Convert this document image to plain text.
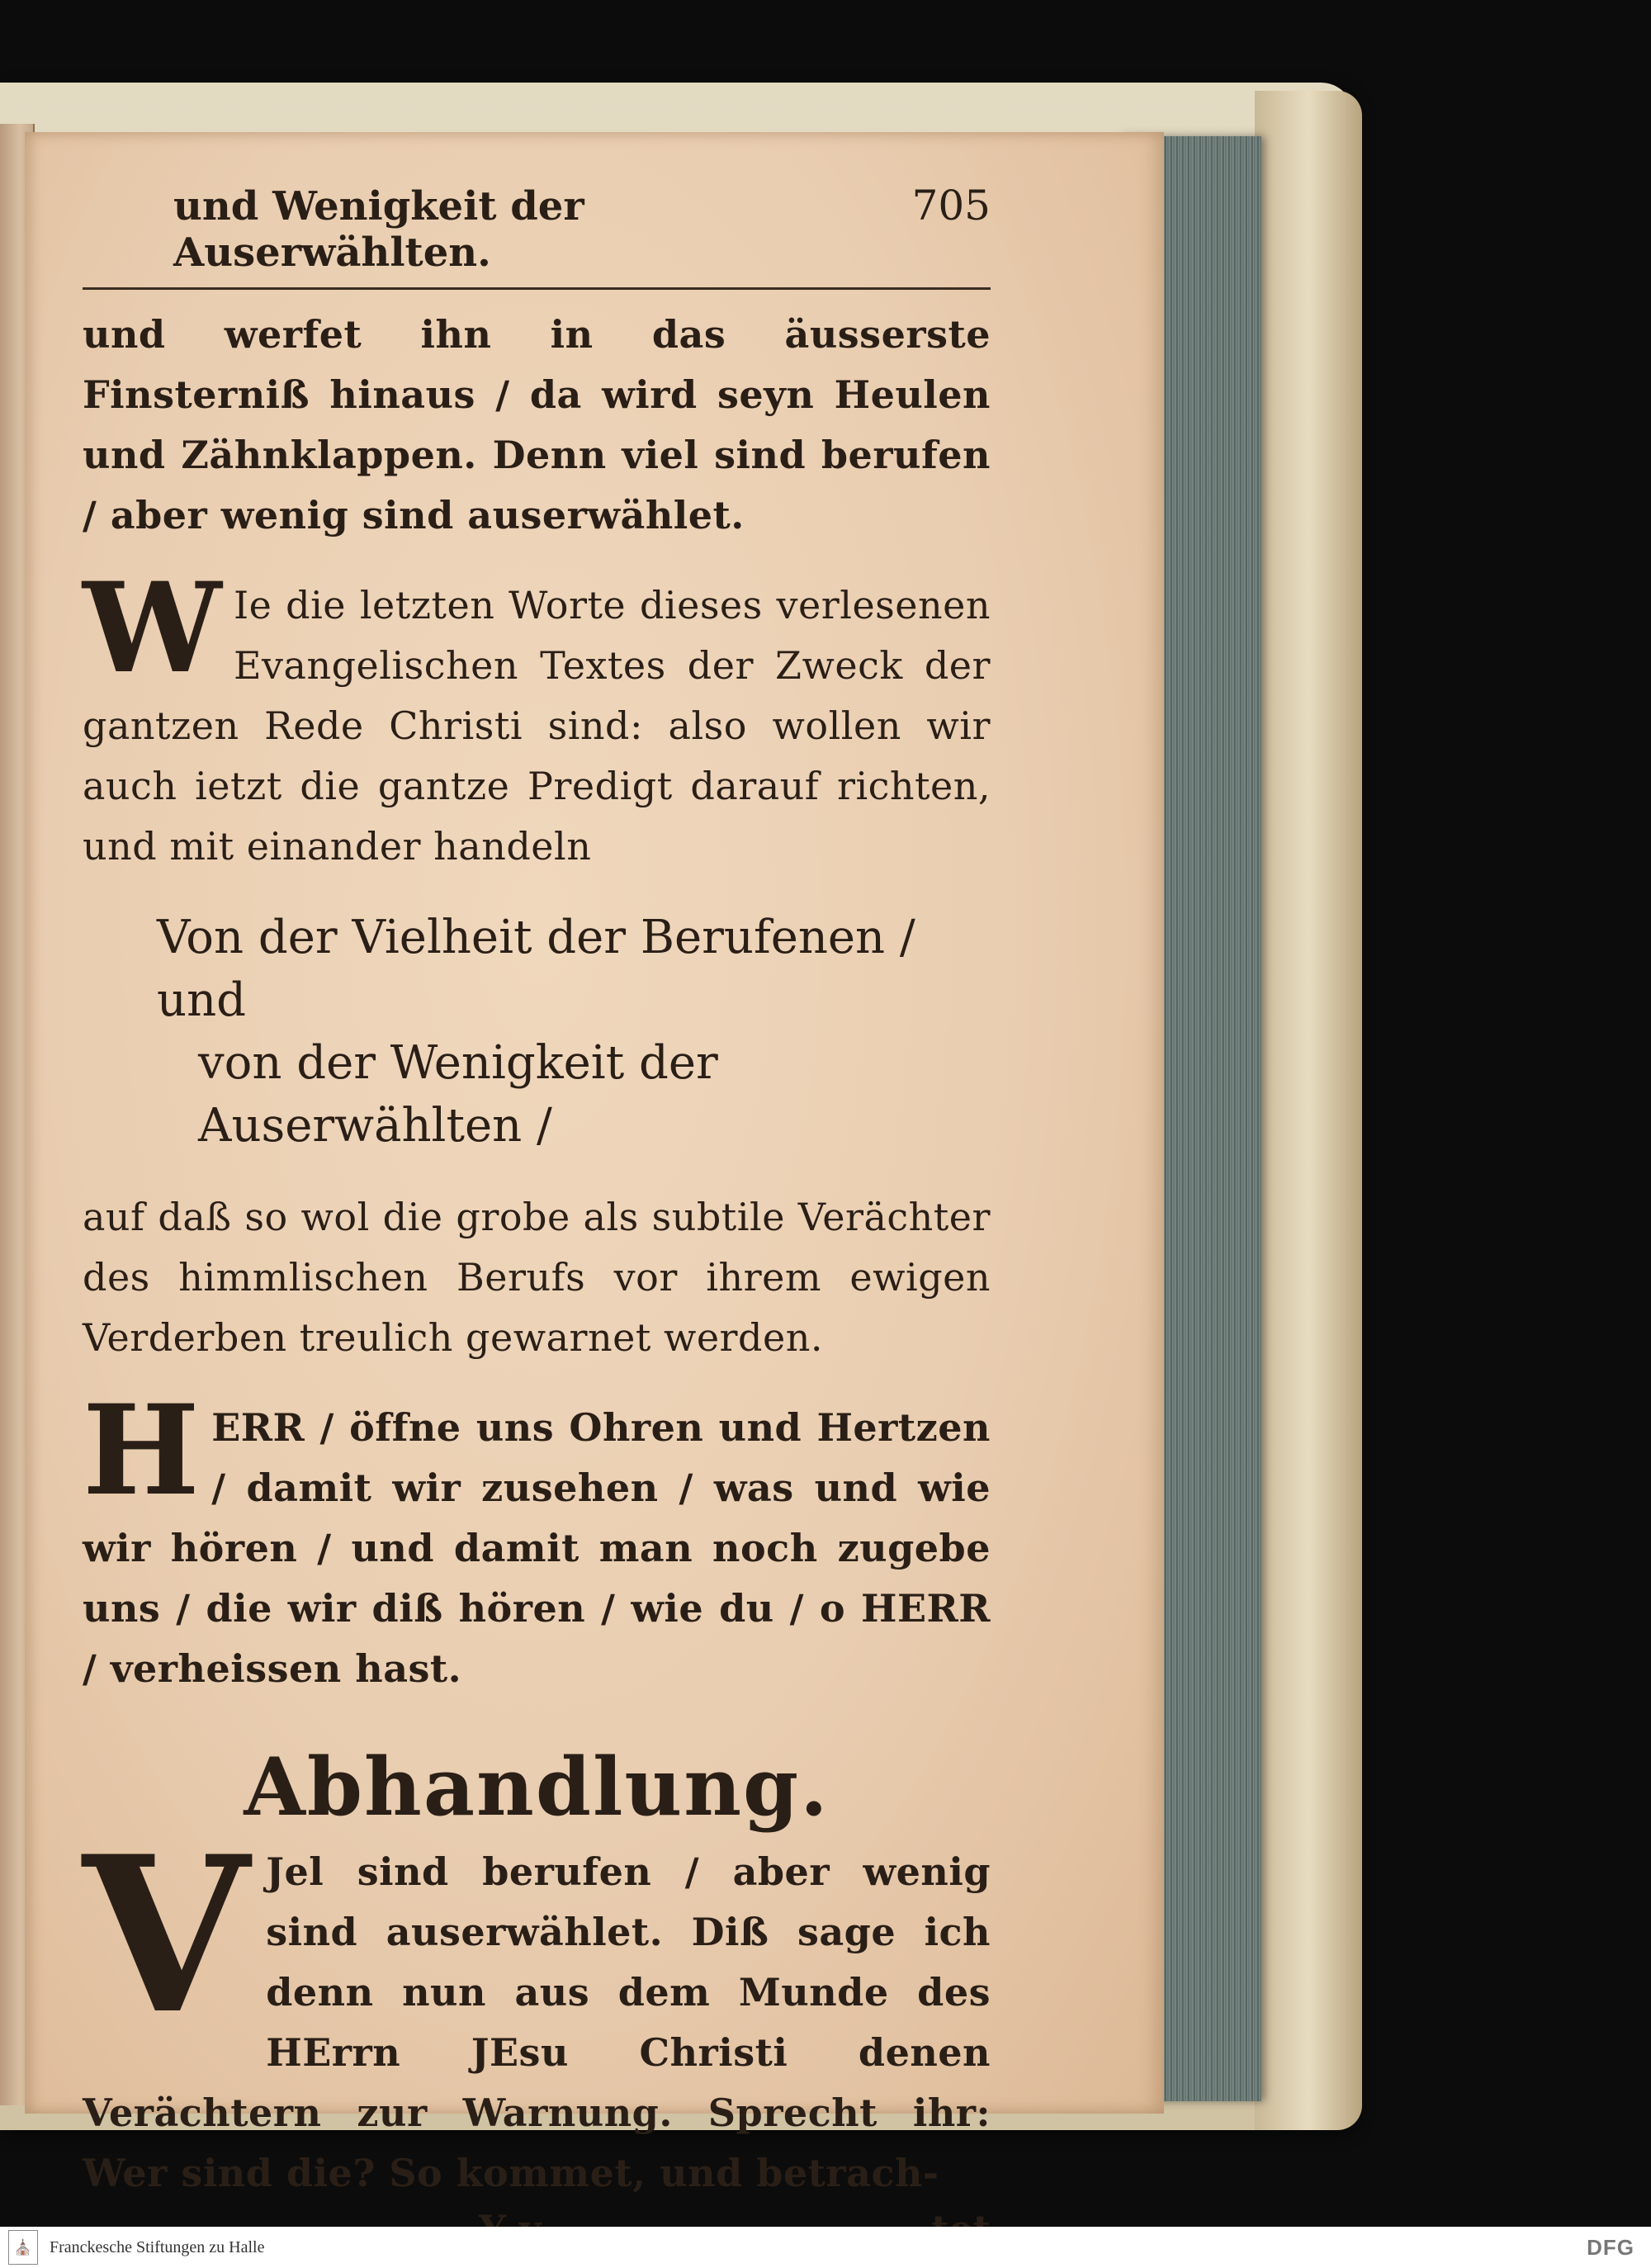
und Wenigkeit der Auserwählten.
705

und werfet ihn in das äusserste Finsterniß hinaus / da wird seyn Heulen und Zähnklappen. Denn viel sind berufen / aber wenig sind auserwählet.

W Ie die letzten Worte dieses verlesenen Evangelischen Textes der Zweck der gantzen Rede Christi sind: also wollen wir auch ietzt die gantze Predigt darauf richten, und mit einander handeln

Von der Vielheit der Berufenen / und
von der Wenigkeit der Auserwählten /

auf daß so wol die grobe als subtile Verächter des himmlischen Berufs vor ihrem ewigen Verderben treulich gewarnet werden.

H ERR / öffne uns Ohren und Hertzen / damit wir zusehen / was und wie wir hören / und damit man noch zugebe uns / die wir diß hören / wie du / o HERR / verheissen hast.

Abhandlung.

V Jel sind berufen / aber wenig sind auserwählet. Diß sage ich denn nun aus dem Munde des HErrn JEsu Christi denen Verächtern zur Warnung. Sprecht ihr: Wer sind die? So kommet, und betrach-

⛪	Franckesche Stiftungen zu Halle	DFG
